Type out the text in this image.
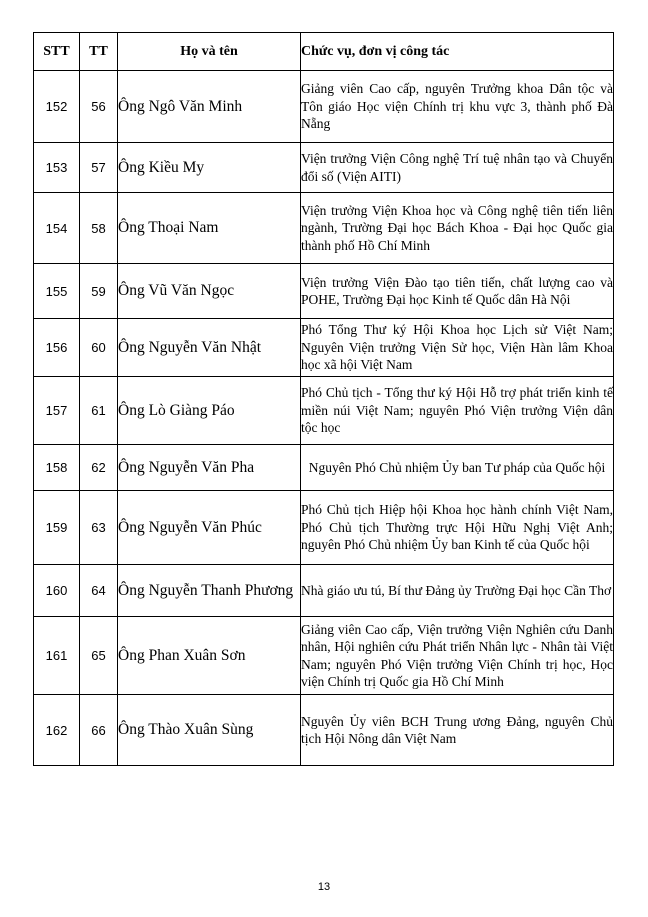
STT	TT	Họ và tên	Chức vụ, đơn vị công tác
152	56	Ông Ngô Văn Minh	Giảng viên Cao cấp, nguyên Trưởng khoa Dân tộc và Tôn giáo Học viện Chính trị khu vực 3, thành phố Đà Nẵng
153	57	Ông Kiều My	Viện trưởng Viện Công nghệ Trí tuệ nhân tạo và Chuyển đổi số (Viện AITI)
154	58	Ông Thoại Nam	Viện trưởng Viện Khoa học và Công nghệ tiên tiến liên ngành, Trường Đại học Bách Khoa - Đại học Quốc gia thành phố Hồ Chí Minh
155	59	Ông Vũ Văn Ngọc	Viện trưởng Viện Đào tạo tiên tiến, chất lượng cao và POHE, Trường Đại học Kinh tế Quốc dân Hà Nội
156	60	Ông Nguyễn Văn Nhật	Phó Tổng Thư ký Hội Khoa học Lịch sử Việt Nam; Nguyên Viện trưởng Viện Sử học, Viện Hàn lâm Khoa học xã hội Việt Nam
157	61	Ông Lò Giàng Páo	Phó Chủ tịch - Tổng thư ký Hội Hỗ trợ phát triển kinh tế miền núi Việt Nam; nguyên Phó Viện trưởng Viện dân tộc học
158	62	Ông Nguyễn Văn Pha	Nguyên Phó Chủ nhiệm Ủy ban Tư pháp của Quốc hội
159	63	Ông Nguyễn Văn Phúc	Phó Chủ tịch Hiệp hội Khoa học hành chính Việt Nam, Phó Chủ tịch Thường trực Hội Hữu Nghị Việt Anh; nguyên Phó Chủ nhiệm Ủy ban Kinh tế của Quốc hội
160	64	Ông Nguyễn Thanh Phương	Nhà giáo ưu tú, Bí thư Đảng ủy Trường Đại học Cần Thơ
161	65	Ông Phan Xuân Sơn	Giảng viên Cao cấp, Viện trưởng Viện Nghiên cứu Danh nhân, Hội nghiên cứu Phát triển Nhân lực - Nhân tài Việt Nam; nguyên Phó Viện trưởng Viện Chính trị học, Học viện Chính trị Quốc gia Hồ Chí Minh
162	66	Ông Thào Xuân Sùng	Nguyên Ủy viên BCH Trung ương Đảng, nguyên Chủ tịch Hội Nông dân Việt Nam
13
